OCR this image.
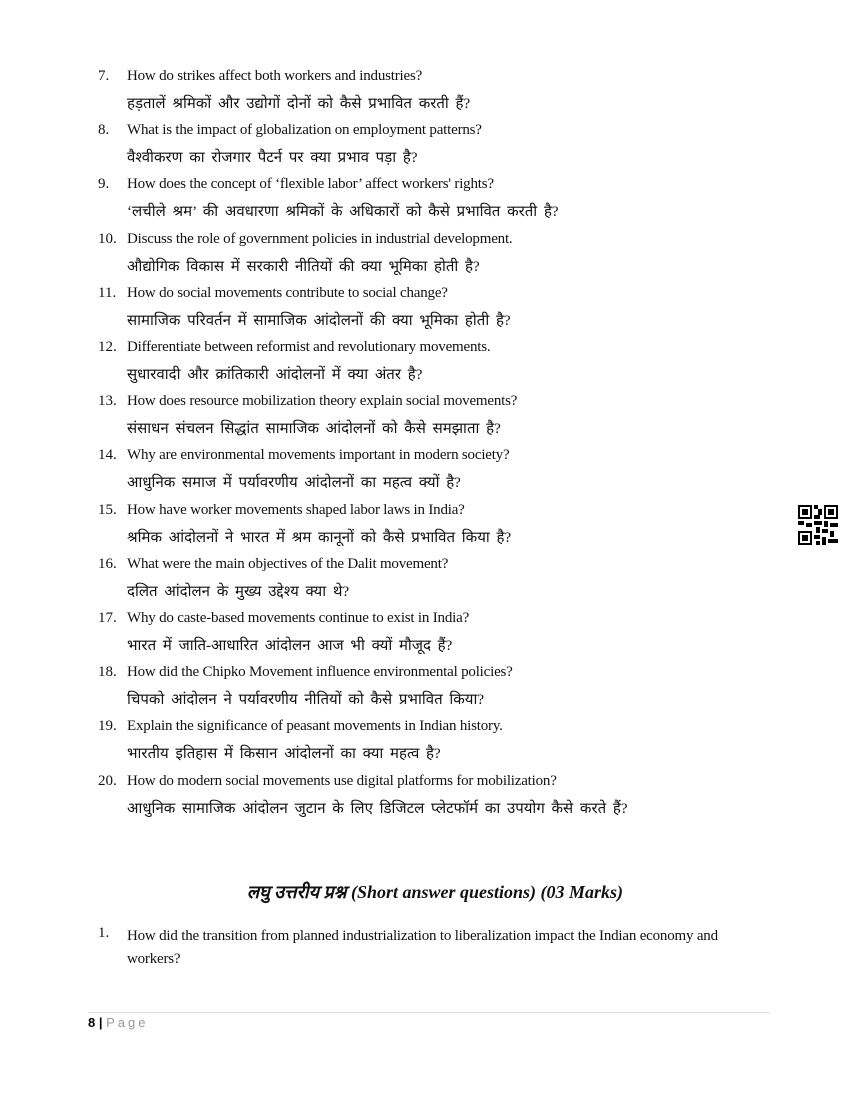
7. How do strikes affect both workers and industries?
हड़तालें श्रमिकों और उद्योगों दोनों को कैसे प्रभावित करती हैं?
8. What is the impact of globalization on employment patterns?
वैश्वीकरण का रोजगार पैटर्न पर क्या प्रभाव पड़ा है?
9. How does the concept of ‘flexible labor’ affect workers' rights?
‘लचीले श्रम’ की अवधारणा श्रमिकों के अधिकारों को कैसे प्रभावित करती है?
10. Discuss the role of government policies in industrial development.
औद्योगिक विकास में सरकारी नीतियों की क्या भूमिका होती है?
11. How do social movements contribute to social change?
सामाजिक परिवर्तन में सामाजिक आंदोलनों की क्या भूमिका होती है?
12. Differentiate between reformist and revolutionary movements.
सुधारवादी और क्रांतिकारी आंदोलनों में क्या अंतर है?
13. How does resource mobilization theory explain social movements?
संसाधन संचलन सिद्धांत सामाजिक आंदोलनों को कैसे समझाता है?
14. Why are environmental movements important in modern society?
आधुनिक समाज में पर्यावरणीय आंदोलनों का महत्व क्यों है?
15. How have worker movements shaped labor laws in India?
श्रमिक आंदोलनों ने भारत में श्रम कानूनों को कैसे प्रभावित किया है?
16. What were the main objectives of the Dalit movement?
दलित आंदोलन के मुख्य उद्देश्य क्या थे?
17. Why do caste-based movements continue to exist in India?
भारत में जाति-आधारित आंदोलन आज भी क्यों मौजूद हैं?
18. How did the Chipko Movement influence environmental policies?
चिपको आंदोलन ने पर्यावरणीय नीतियों को कैसे प्रभावित किया?
19. Explain the significance of peasant movements in Indian history.
भारतीय इतिहास में किसान आंदोलनों का क्या महत्व है?
20. How do modern social movements use digital platforms for mobilization?
आधुनिक सामाजिक आंदोलन जुटान के लिए डिजिटल प्लेटफॉर्म का उपयोग कैसे करते हैं?
लघु उत्तरीय प्रश्न (Short answer questions) (03 Marks)
1. How did the transition from planned industrialization to liberalization impact the Indian economy and workers?
8 | Page
